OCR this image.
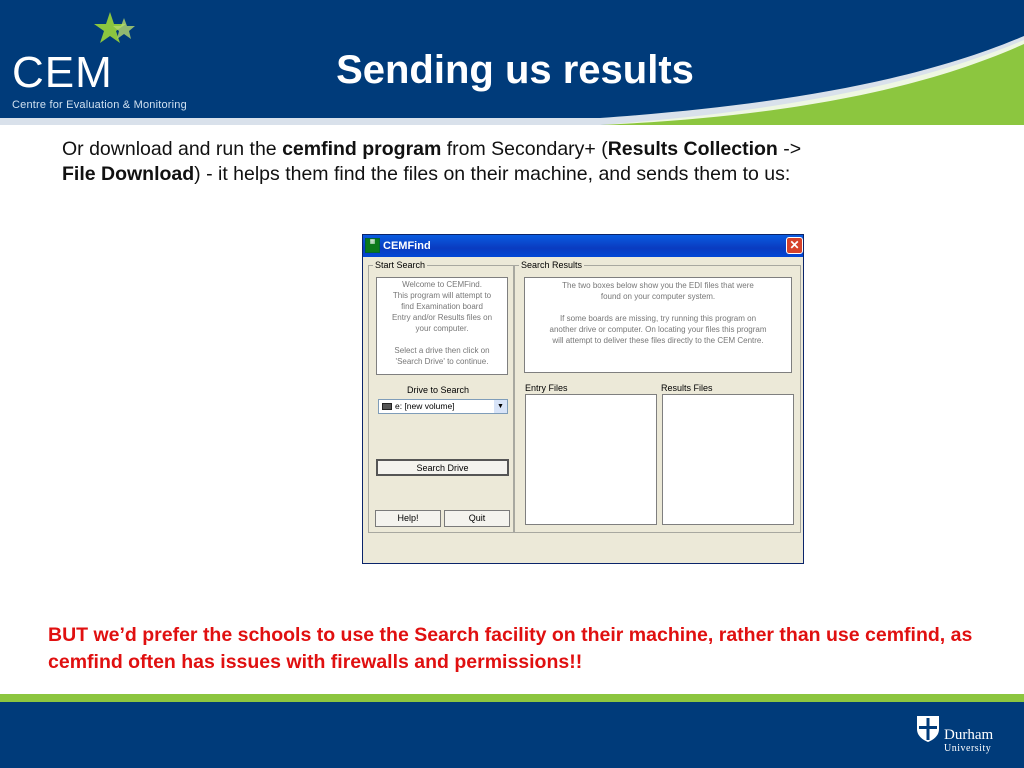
CEM
Centre for Evaluation & Monitoring
Sending us results
Or download and run the cemfind program from Secondary+ (Results Collection ->
File Download) - it helps them find the files on their machine, and sends them to us:
▦ CEMFind	✕
Start Search

Welcome to CEMFind.

This program will attempt to

find Examination board

Entry and/or Results files on

your computer.

Select a drive then click on

'Search Drive' to continue.

Drive to Search
e: [new volume]	▼
Search Drive
Help!	Quit
Search Results

The two boxes below show you the EDI files that were

found on your computer system.

If some boards are missing, try running this program on

another drive or computer. On locating your files this program

will attempt to deliver these files directly to the CEM Centre.

Entry Files	Results Files
BUT we’d prefer the schools to use the Search facility on their machine, rather than use cemfind, as cemfind often has issues with firewalls and permissions!!
Durham
University
